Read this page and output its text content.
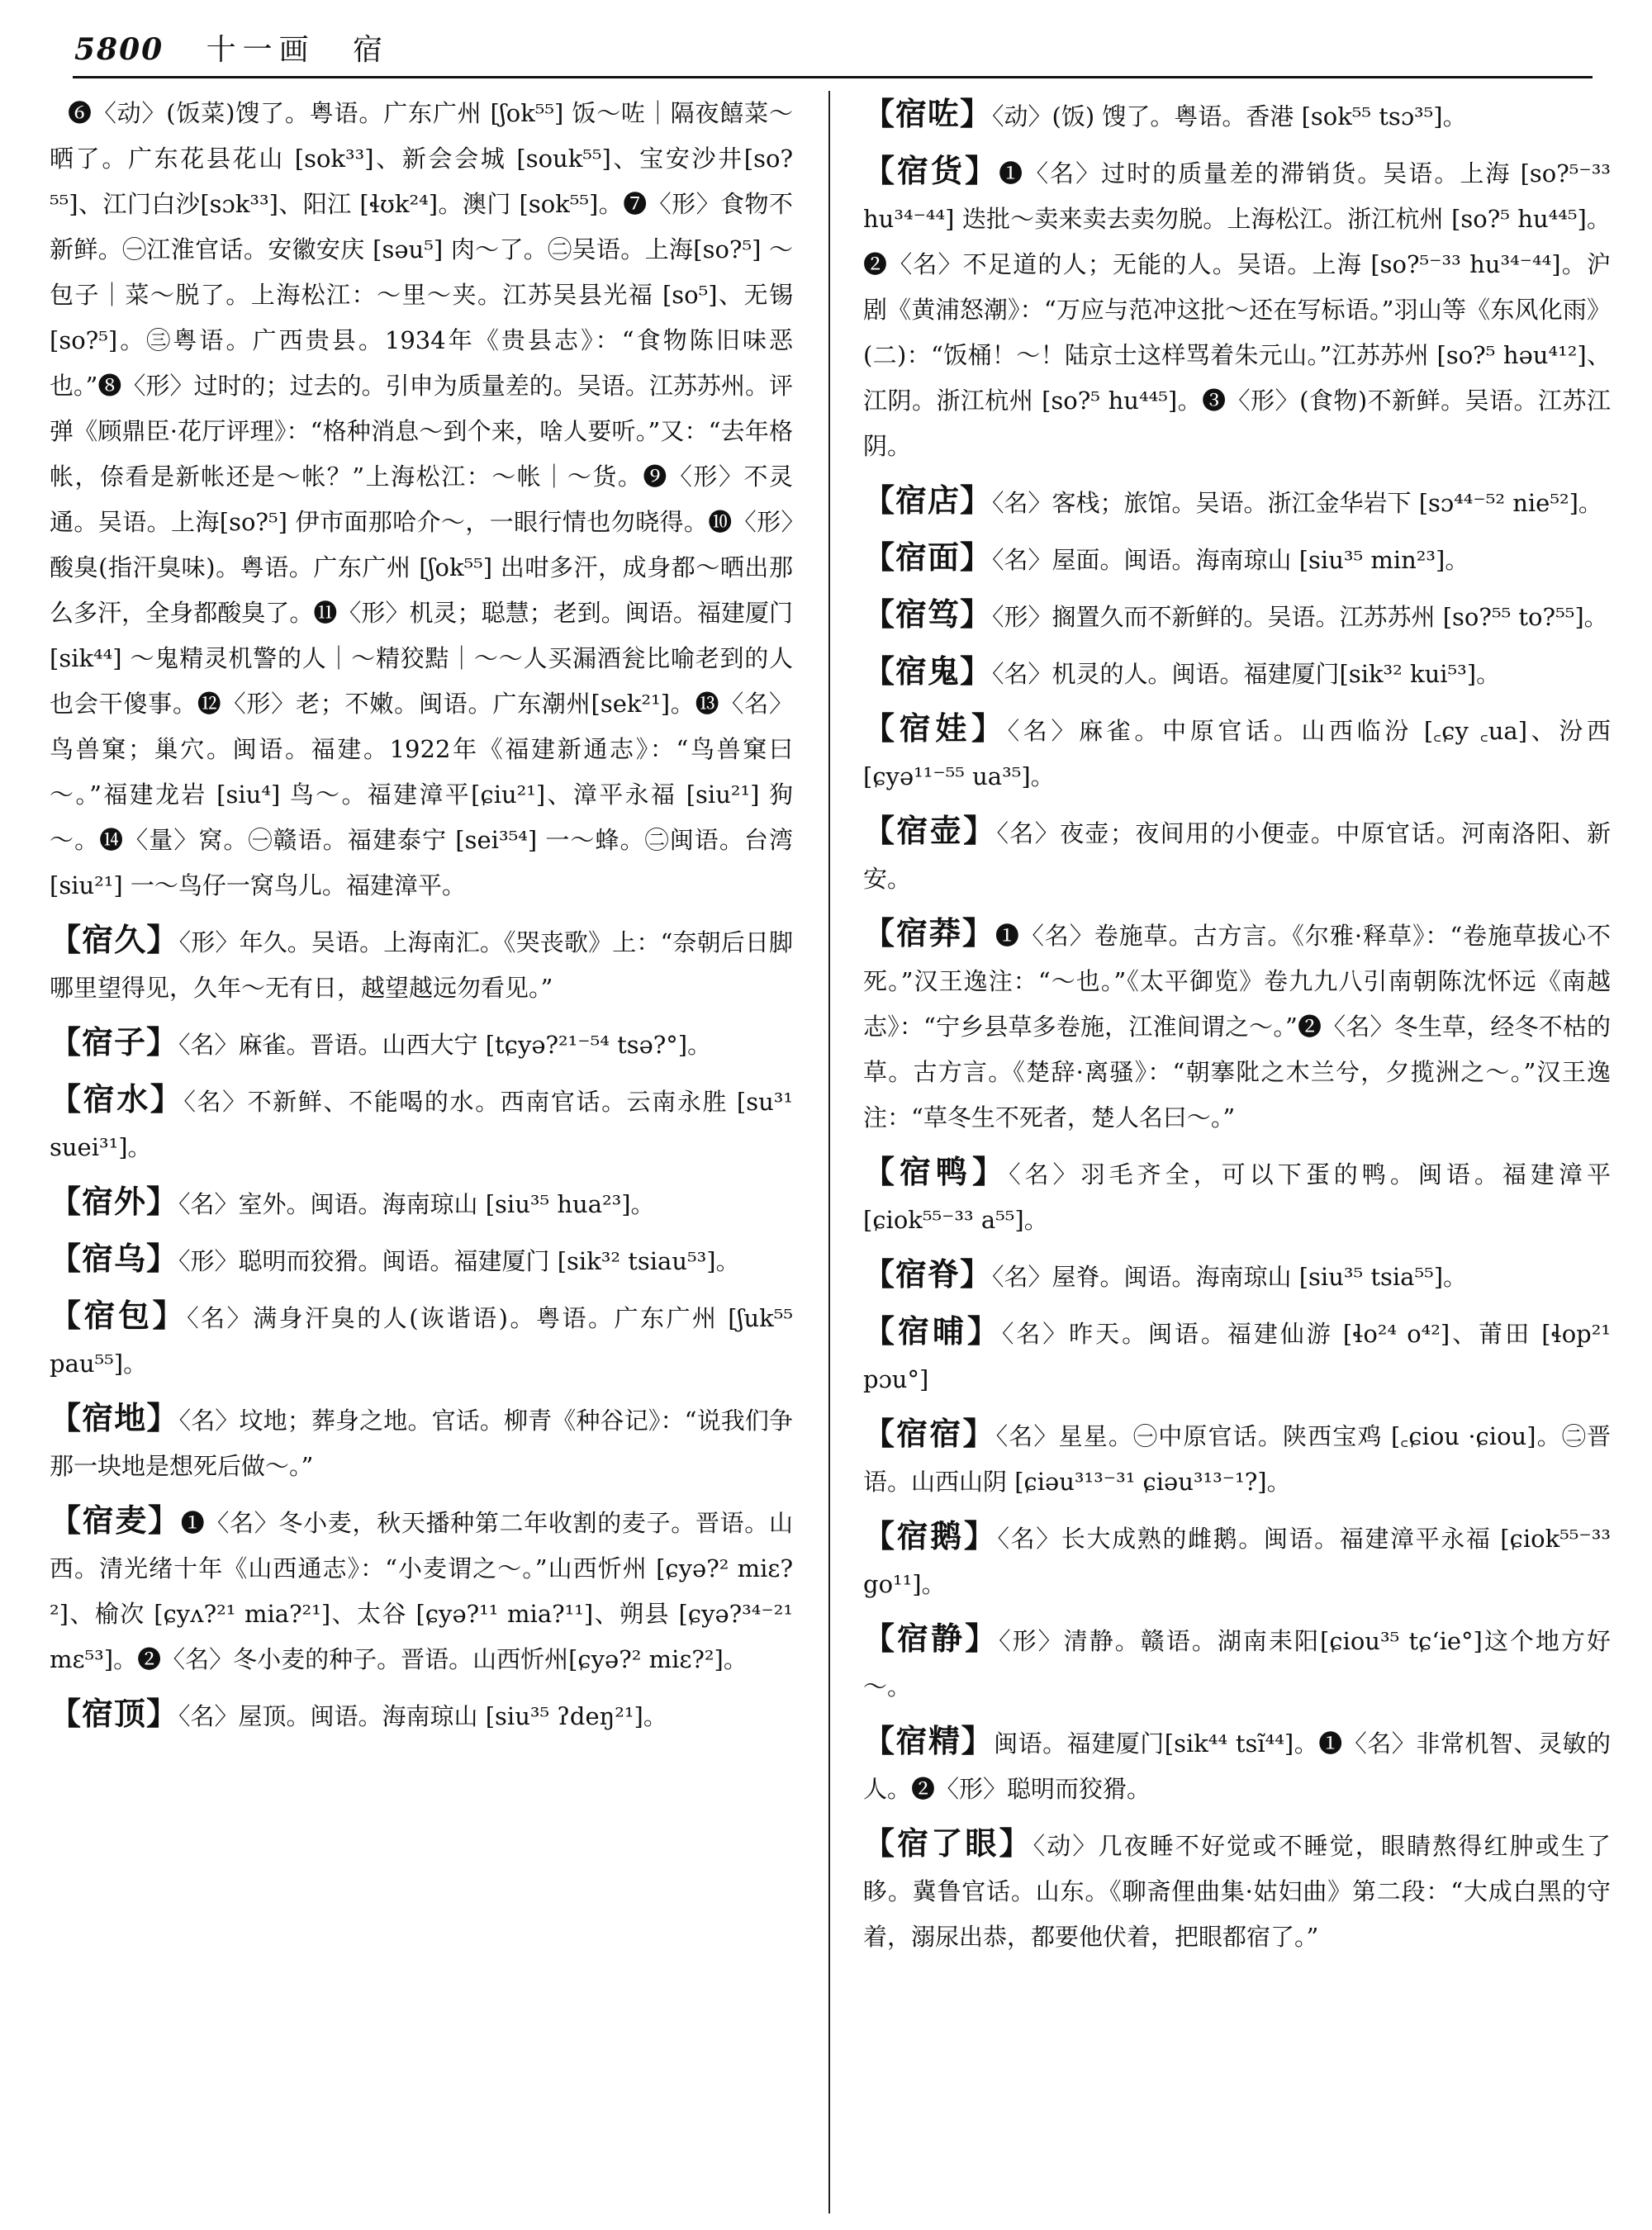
5800 十一画 宿

❻〈动〉(饭菜)馊了。粤语。广东广州 [ʃok⁵⁵] 饭～咗｜隔夜饎菜～晒了。广东花县花山 [sok³³]、新会会城 [souk⁵⁵]、宝安沙井[so?⁵⁵]、江门白沙[sɔk³³]、阳江 [ɬʊk²⁴]。澳门 [sok⁵⁵]。❼〈形〉食物不新鲜。㊀江淮官话。安徽安庆 [səu⁵] 肉～了。㊁吴语。上海[so?⁵] ～包子｜菜～脱了。上海松江：～里～夹。江苏吴县光福 [so⁵]、无锡 [so?⁵]。㊂粤语。广西贵县。1934年《贵县志》：“食物陈旧味恶也。”❽〈形〉过时的；过去的。引申为质量差的。吴语。江苏苏州。评弹《顾鼎臣·花厅评理》：“格种消息～到个来，啥人要听。”又：“去年格帐，倷看是新帐还是～帐？”上海松江：～帐｜～货。❾〈形〉不灵通。吴语。上海[so?⁵] 伊市面那哈介～，一眼行情也勿晓得。❿〈形〉酸臭(指汗臭味)。粤语。广东广州 [ʃok⁵⁵] 出咁多汗，成身都～晒出那么多汗，全身都酸臭了。⓫〈形〉机灵；聪慧；老到。闽语。福建厦门 [sik⁴⁴] ～鬼精灵机警的人｜～精狡黠｜～～人买漏酒瓮比喻老到的人也会干傻事。⓬〈形〉老；不嫩。闽语。广东潮州[sek²¹]。⓭〈名〉鸟兽窠；巢穴。闽语。福建。1922年《福建新通志》：“鸟兽窠曰～。”福建龙岩 [siu⁴] 鸟～。福建漳平[ɕiu²¹]、漳平永福 [siu²¹] 狗～。⓮〈量〉窝。㊀赣语。福建泰宁 [sei³⁵⁴] 一～蜂。㊁闽语。台湾 [siu²¹] 一～鸟仔一窝鸟儿。福建漳平。

【宿久】〈形〉年久。吴语。上海南汇。《哭丧歌》上：“奈朝后日脚哪里望得见，久年～无有日，越望越远勿看见。”

【宿子】〈名〉麻雀。晋语。山西大宁 [tɕyə?²¹⁻⁵⁴ tsə?°]。

【宿水】〈名〉不新鲜、不能喝的水。西南官话。云南永胜 [su³¹ suei³¹]。

【宿外】〈名〉室外。闽语。海南琼山 [siu³⁵ hua²³]。

【宿乌】〈形〉聪明而狡猾。闽语。福建厦门 [sik³² tsiau⁵³]。

【宿包】〈名〉满身汗臭的人(诙谐语)。粤语。广东广州 [ʃuk⁵⁵ pau⁵⁵]。

【宿地】〈名〉坟地；葬身之地。官话。柳青《种谷记》：“说我们争那一块地是想死后做～。”

【宿麦】❶〈名〉冬小麦，秋天播种第二年收割的麦子。晋语。山西。清光绪十年《山西通志》：“小麦谓之～。”山西忻州 [ɕyə?² miɛ?²]、榆次 [ɕyʌ?²¹ mia?²¹]、太谷 [ɕyə?¹¹ mia?¹¹]、朔县 [ɕyə?³⁴⁻²¹ mɛ⁵³]。❷〈名〉冬小麦的种子。晋语。山西忻州[ɕyə?² miɛ?²]。

【宿顶】〈名〉屋顶。闽语。海南琼山 [siu³⁵ ʔdeŋ²¹]。

【宿咗】〈动〉(饭) 馊了。粤语。香港 [sok⁵⁵ tsɔ³⁵]。

【宿货】❶〈名〉过时的质量差的滞销货。吴语。上海 [so?⁵⁻³³ hu³⁴⁻⁴⁴] 迭批～卖来卖去卖勿脱。上海松江。浙江杭州 [so?⁵ hu⁴⁴⁵]。❷〈名〉不足道的人；无能的人。吴语。上海 [so?⁵⁻³³ hu³⁴⁻⁴⁴]。沪剧《黄浦怒潮》：“万应与范冲这批～还在写标语。”羽山等《东风化雨》(二)：“饭桶！～！陆京士这样骂着朱元山。”江苏苏州 [so?⁵ həu⁴¹²]、江阴。浙江杭州 [so?⁵ hu⁴⁴⁵]。❸〈形〉(食物)不新鲜。吴语。江苏江阴。

【宿店】〈名〉客栈；旅馆。吴语。浙江金华岩下 [sɔ⁴⁴⁻⁵² nie⁵²]。

【宿面】〈名〉屋面。闽语。海南琼山 [siu³⁵ min²³]。

【宿笃】〈形〉搁置久而不新鲜的。吴语。江苏苏州 [so?⁵⁵ to?⁵⁵]。

【宿鬼】〈名〉机灵的人。闽语。福建厦门[sik³² kui⁵³]。

【宿娃】〈名〉麻雀。中原官话。山西临汾 [꜀ɕy ꜀ua]、汾西 [ɕyə¹¹⁻⁵⁵ ua³⁵]。

【宿壶】〈名〉夜壶；夜间用的小便壶。中原官话。河南洛阳、新安。

【宿莽】❶〈名〉卷施草。古方言。《尔雅·释草》：“卷施草拔心不死。”汉王逸注：“～也。”《太平御览》卷九九八引南朝陈沈怀远《南越志》：“宁乡县草多卷施，江淮间谓之～。”❷〈名〉冬生草，经冬不枯的草。古方言。《楚辞·离骚》：“朝搴阰之木兰兮，夕揽洲之～。”汉王逸注：“草冬生不死者，楚人名曰～。”

【宿鸭】〈名〉羽毛齐全，可以下蛋的鸭。闽语。福建漳平 [ɕiok⁵⁵⁻³³ a⁵⁵]。

【宿脊】〈名〉屋脊。闽语。海南琼山 [siu³⁵ tsia⁵⁵]。

【宿晡】〈名〉昨天。闽语。福建仙游 [ɬo²⁴ o⁴²]、莆田 [ɬop²¹ pɔu°]

【宿宿】〈名〉星星。㊀中原官话。陕西宝鸡 [꜀ɕiou ·ɕiou]。㊁晋语。山西山阴 [ɕiəu³¹³⁻³¹ ɕiəu³¹³⁻¹?]。

【宿鹅】〈名〉长大成熟的雌鹅。闽语。福建漳平永福 [ɕiok⁵⁵⁻³³ go¹¹]。

【宿静】〈形〉清静。赣语。湖南耒阳[ɕiou³⁵ tɕʻie°]这个地方好～。

【宿精】闽语。福建厦门[sik⁴⁴ tsĩ⁴⁴]。❶〈名〉非常机智、灵敏的人。❷〈形〉聪明而狡猾。

【宿了眼】〈动〉几夜睡不好觉或不睡觉，眼睛熬得红肿或生了眵。冀鲁官话。山东。《聊斋俚曲集·姑妇曲》第二段：“大成白黑的守着，溺尿出恭，都要他伏着，把眼都宿了。”
